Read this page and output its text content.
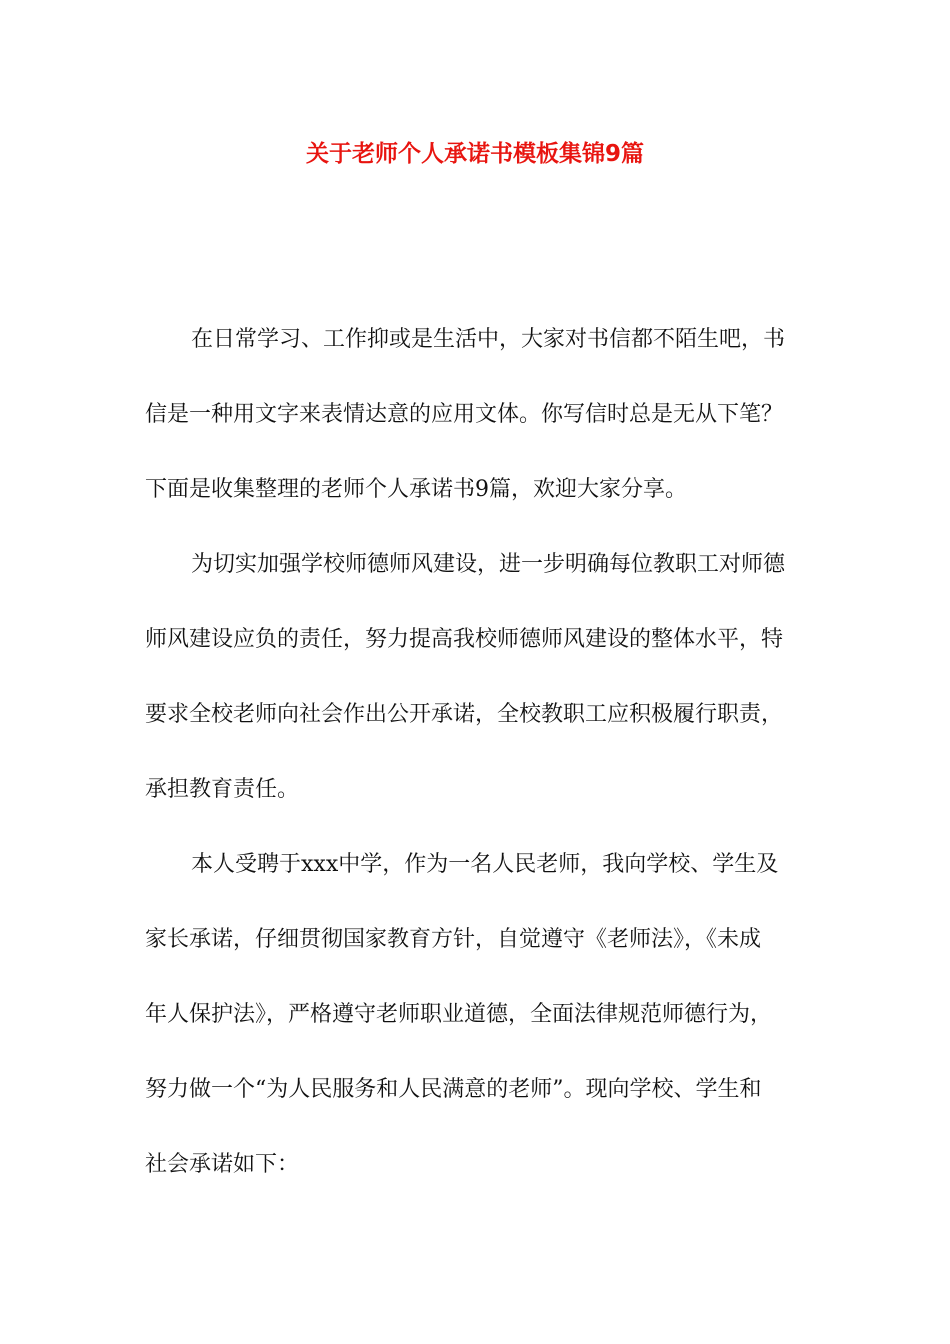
关于老师个人承诺书模板集锦9篇
在日常学习、工作抑或是生活中，大家对书信都不陌生吧，书
信是一种用文字来表情达意的应用文体。你写信时总是无从下笔？
下面是收集整理的老师个人承诺书9篇，欢迎大家分享。
为切实加强学校师德师风建设，进一步明确每位教职工对师德
师风建设应负的责任，努力提高我校师德师风建设的整体水平，特
要求全校老师向社会作出公开承诺，全校教职工应积极履行职责，
承担教育责任。
本人受聘于xxx中学，作为一名人民老师，我向学校、学生及
家长承诺，仔细贯彻国家教育方针，自觉遵守《老师法》，《未成
年人保护法》，严格遵守老师职业道德，全面法律规范师德行为，
努力做一个“为人民服务和人民满意的老师”。现向学校、学生和
社会承诺如下：
